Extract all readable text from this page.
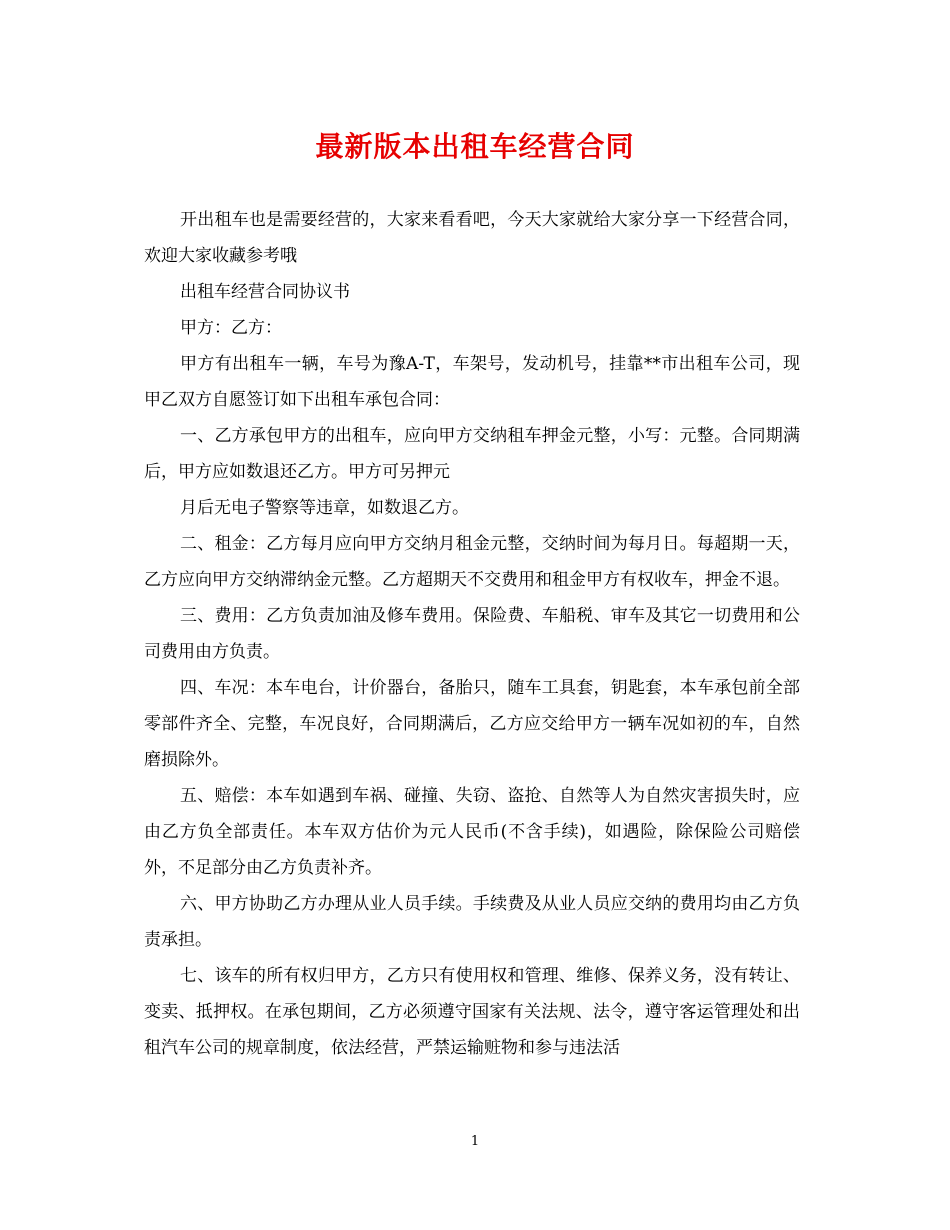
最新版本出租车经营合同

开出租车也是需要经营的，大家来看看吧，今天大家就给大家分享一下经营合同，欢迎大家收藏参考哦

出租车经营合同协议书

甲方：乙方：

甲方有出租车一辆，车号为豫A-T，车架号，发动机号，挂靠**市出租车公司，现甲乙双方自愿签订如下出租车承包合同：

一、乙方承包甲方的出租车，应向甲方交纳租车押金元整，小写：元整。合同期满后，甲方应如数退还乙方。甲方可另押元

月后无电子警察等违章，如数退乙方。

二、租金：乙方每月应向甲方交纳月租金元整，交纳时间为每月日。每超期一天，乙方应向甲方交纳滞纳金元整。乙方超期天不交费用和租金甲方有权收车，押金不退。

三、费用：乙方负责加油及修车费用。保险费、车船税、审车及其它一切费用和公司费用由方负责。

四、车况：本车电台，计价器台，备胎只，随车工具套，钥匙套，本车承包前全部零部件齐全、完整，车况良好，合同期满后，乙方应交给甲方一辆车况如初的车，自然磨损除外。

五、赔偿：本车如遇到车祸、碰撞、失窃、盗抢、自然等人为自然灾害损失时，应由乙方负全部责任。本车双方估价为元人民币(不含手续)，如遇险，除保险公司赔偿外，不足部分由乙方负责补齐。

六、甲方协助乙方办理从业人员手续。手续费及从业人员应交纳的费用均由乙方负责承担。

七、该车的所有权归甲方，乙方只有使用权和管理、维修、保养义务，没有转让、变卖、抵押权。在承包期间，乙方必须遵守国家有关法规、法令，遵守客运管理处和出租汽车公司的规章制度，依法经营，严禁运输赃物和参与违法活

1
